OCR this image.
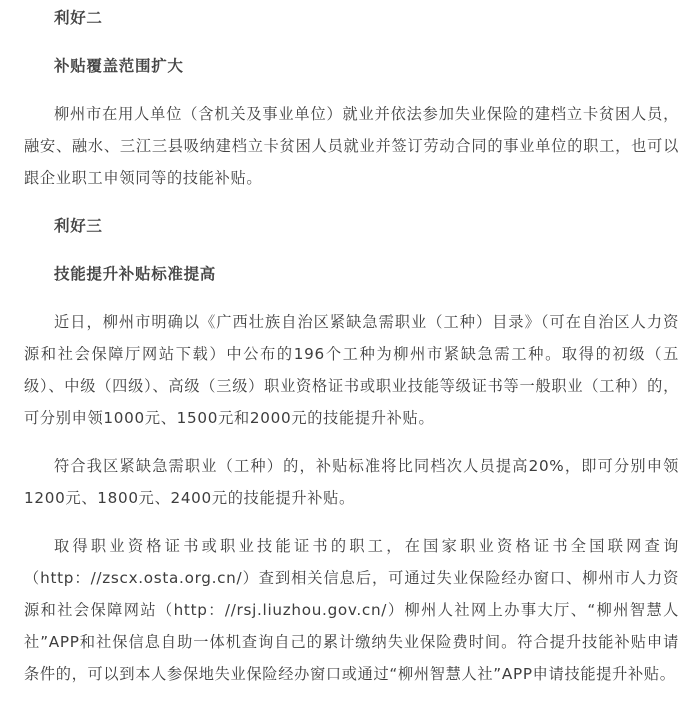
利好二

补贴覆盖范围扩大

柳州市在用人单位（含机关及事业单位）就业并依法参加失业保险的建档立卡贫困人员，融安、融水、三江三县吸纳建档立卡贫困人员就业并签订劳动合同的事业单位的职工，也可以跟企业职工申领同等的技能补贴。

利好三

技能提升补贴标准提高

近日，柳州市明确以《广西壮族自治区紧缺急需职业（工种）目录》（可在自治区人力资源和社会保障厅网站下载）中公布的196个工种为柳州市紧缺急需工种。取得的初级（五级）、中级（四级）、高级（三级）职业资格证书或职业技能等级证书等一般职业（工种）的，可分别申领1000元、1500元和2000元的技能提升补贴。

符合我区紧缺急需职业（工种）的，补贴标准将比同档次人员提高20%，即可分别申领1200元、1800元、2400元的技能提升补贴。

取得职业资格证书或职业技能证书的职工，在国家职业资格证书全国联网查询（http：//zscx.osta.org.cn/）查到相关信息后，可通过失业保险经办窗口、柳州市人力资源和社会保障网站（http：//rsj.liuzhou.gov.cn/）柳州人社网上办事大厅、“柳州智慧人社”APP和社保信息自助一体机查询自己的累计缴纳失业保险费时间。符合提升技能补贴申请条件的，可以到本人参保地失业保险经办窗口或通过“柳州智慧人社”APP申请技能提升补贴。
